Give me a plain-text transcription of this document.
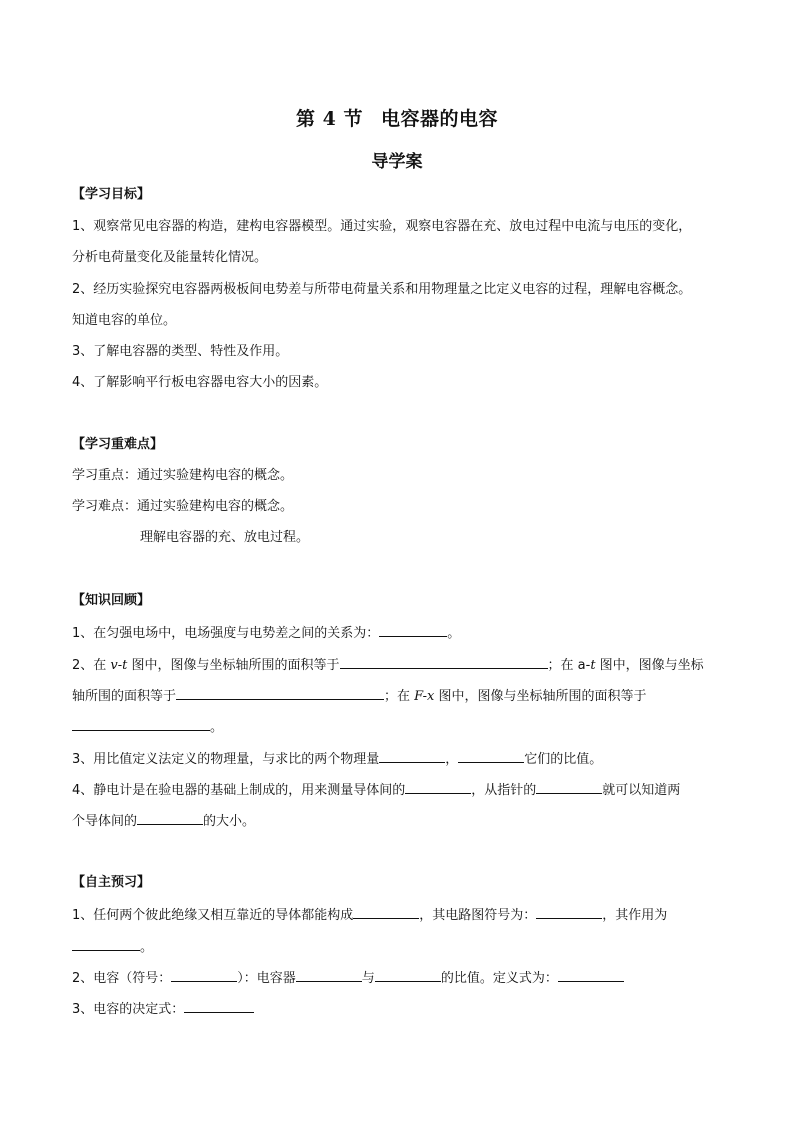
第 4 节 电容器的电容
导学案
【学习目标】
1、观察常见电容器的构造，建构电容器模型。通过实验，观察电容器在充、放电过程中电流与电压的变化，
分析电荷量变化及能量转化情况。
2、经历实验探究电容器两极板间电势差与所带电荷量关系和用物理量之比定义电容的过程，理解电容概念。
知道电容的单位。
3、了解电容器的类型、特性及作用。
4、了解影响平行板电容器电容大小的因素。
【学习重难点】
学习重点：通过实验建构电容的概念。
学习难点：通过实验建构电容的概念。
理解电容器的充、放电过程。
【知识回顾】
1、在匀强电场中，电场强度与电势差之间的关系为：	。
2、在 v-t 图中，图像与坐标轴所围的面积等于	；在 a-t 图中，图像与坐标
轴所围的面积等于	；在 F-x 图中，图像与坐标轴所围的面积等于
。
3、用比值定义法定义的物理量，与求比的两个物理量	，	它们的比值。
4、静电计是在验电器的基础上制成的，用来测量导体间的	，从指针的	就可以知道两
个导体间的	的大小。
【自主预习】
1、任何两个彼此绝缘又相互靠近的导体都能构成	，其电路图符号为：	，其作用为
。
2、电容（符号：	）：电容器	与	的比值。定义式为：
3、电容的决定式：
